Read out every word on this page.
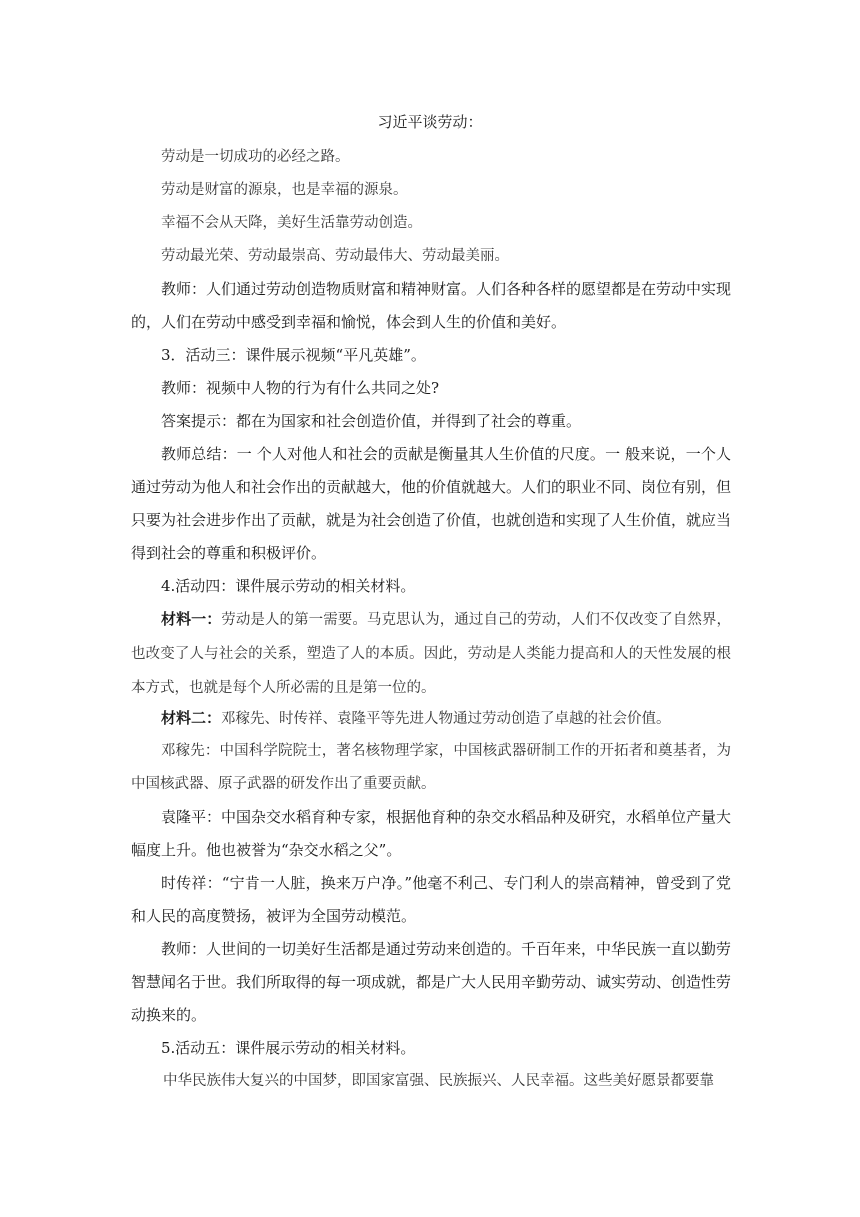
习近平谈劳动：
劳动是一切成功的必经之路。
劳动是财富的源泉，也是幸福的源泉。
幸福不会从天降，美好生活靠劳动创造。
劳动最光荣、劳动最崇高、劳动最伟大、劳动最美丽。
教师：人们通过劳动创造物质财富和精神财富。人们各种各样的愿望都是在劳动中实现的，人们在劳动中感受到幸福和愉悦，体会到人生的价值和美好。
3．活动三：课件展示视频“平凡英雄”。
教师：视频中人物的行为有什么共同之处?
答案提示：都在为国家和社会创造价值，并得到了社会的尊重。
教师总结：一 个人对他人和社会的贡献是衡量其人生价值的尺度。一 般来说，一个人通过劳动为他人和社会作出的贡献越大，他的价值就越大。人们的职业不同、岗位有别，但只要为社会进步作出了贡献，就是为社会创造了价值，也就创造和实现了人生价值，就应当得到社会的尊重和积极评价。
4.活动四：课件展示劳动的相关材料。
材料一：劳动是人的第一需要。马克思认为，通过自己的劳动，人们不仅改变了自然界，也改变了人与社会的关系，塑造了人的本质。因此，劳动是人类能力提高和人的天性发展的根本方式，也就是每个人所必需的且是第一位的。
材料二：邓稼先、时传祥、袁隆平等先进人物通过劳动创造了卓越的社会价值。
邓稼先：中国科学院院士，著名核物理学家，中国核武器研制工作的开拓者和奠基者，为中国核武器、原子武器的研发作出了重要贡献。
袁隆平：中国杂交水稻育种专家，根据他育种的杂交水稻品种及研究，水稻单位产量大幅度上升。他也被誉为“杂交水稻之父”。
时传祥：“宁肯一人脏，换来万户净。”他毫不利己、专门利人的崇高精神，曾受到了党和人民的高度赞扬，被评为全国劳动模范。
教师：人世间的一切美好生活都是通过劳动来创造的。千百年来，中华民族一直以勤劳智慧闻名于世。我们所取得的每一项成就，都是广大人民用辛勤劳动、诚实劳动、创造性劳动换来的。
5.活动五：课件展示劳动的相关材料。
中华民族伟大复兴的中国梦，即国家富强、民族振兴、人民幸福。这些美好愿景都要靠
